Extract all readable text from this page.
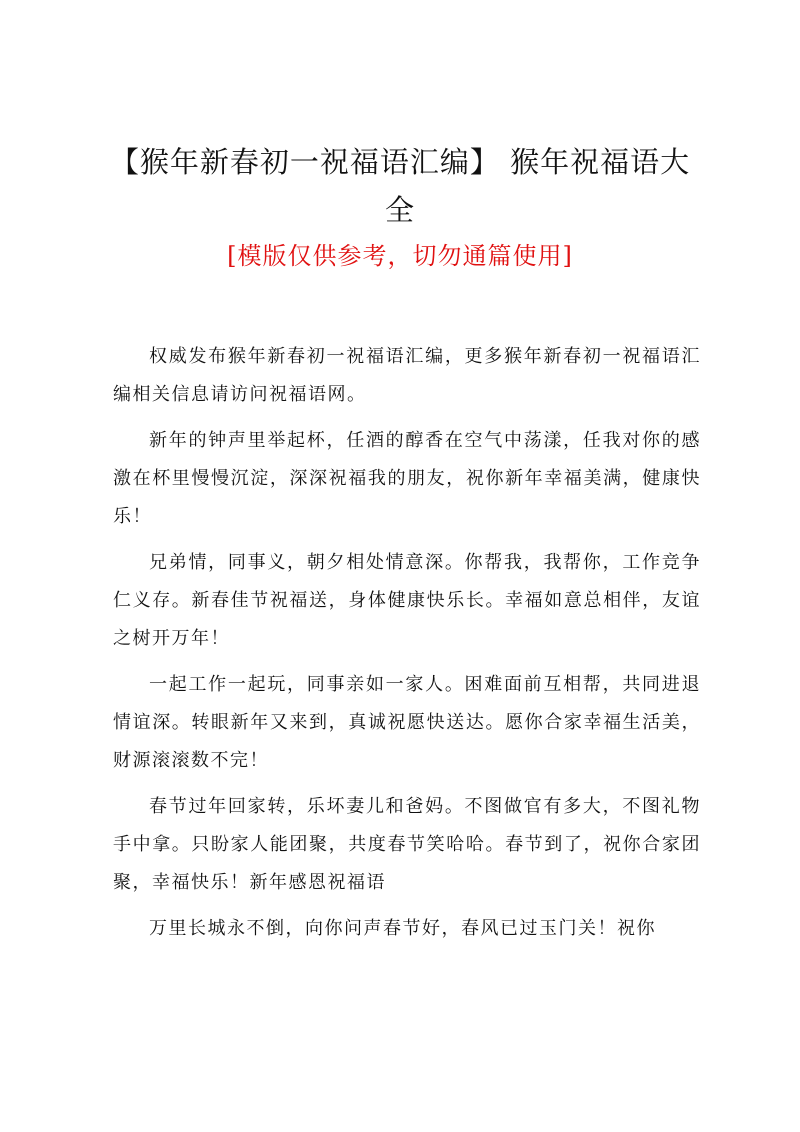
【猴年新春初一祝福语汇编】 猴年祝福语大全
[模版仅供参考，切勿通篇使用]

权威发布猴年新春初一祝福语汇编，更多猴年新春初一祝福语汇编相关信息请访问祝福语网。

新年的钟声里举起杯，任酒的醇香在空气中荡漾，任我对你的感激在杯里慢慢沉淀，深深祝福我的朋友，祝你新年幸福美满，健康快乐！

兄弟情，同事义，朝夕相处情意深。你帮我，我帮你，工作竞争仁义存。新春佳节祝福送，身体健康快乐长。幸福如意总相伴，友谊之树开万年！

一起工作一起玩，同事亲如一家人。困难面前互相帮，共同进退情谊深。转眼新年又来到，真诚祝愿快送达。愿你合家幸福生活美，财源滚滚数不完！

春节过年回家转，乐坏妻儿和爸妈。不图做官有多大，不图礼物手中拿。只盼家人能团聚，共度春节笑哈哈。春节到了，祝你合家团聚，幸福快乐！新年感恩祝福语

万里长城永不倒，向你问声春节好，春风已过玉门关！祝你
